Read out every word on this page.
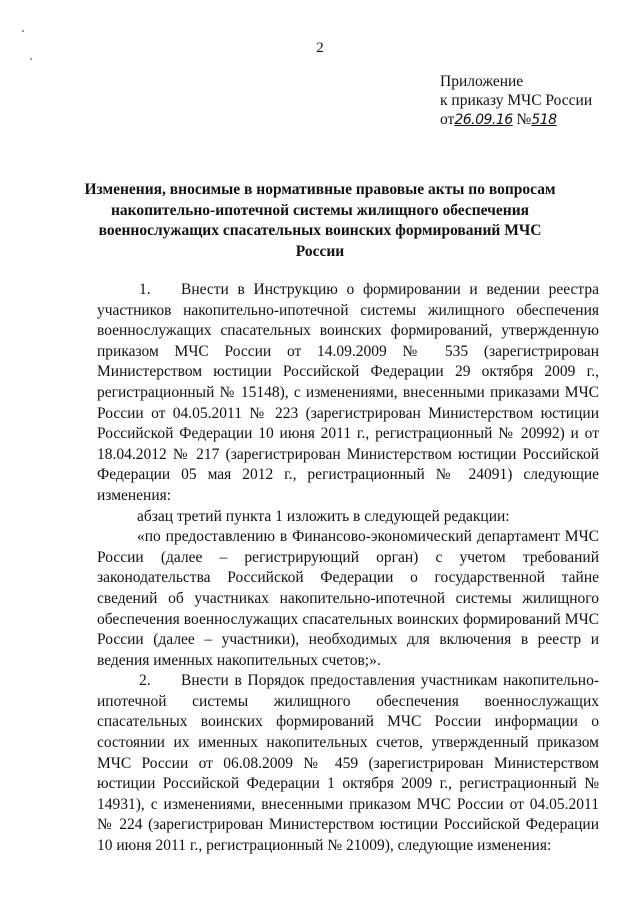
2
Приложение
к приказу МЧС России
от26.09.16 №518
Изменения, вносимые в нормативные правовые акты по вопросам
накопительно-ипотечной системы жилищного обеспечения
военнослужащих спасательных воинских формирований МЧС России

1. Внести в Инструкцию о формировании и ведении реестра участников накопительно-ипотечной системы жилищного обеспечения военнослужащих спасательных воинских формирований, утвержденную приказом МЧС России от 14.09.2009 № 535 (зарегистрирован Министерством юстиции Российской Федерации 29 октября 2009 г., регистрационный № 15148), с изменениями, внесенными приказами МЧС России от 04.05.2011 № 223 (зарегистрирован Министерством юстиции Российской Федерации 10 июня 2011 г., регистрационный № 20992) и от 18.04.2012 № 217 (зарегистрирован Министерством юстиции Российской Федерации 05 мая 2012 г., регистрационный № 24091) следующие изменения:

абзац третий пункта 1 изложить в следующей редакции:

«по предоставлению в Финансово-экономический департамент МЧС России (далее – регистрирующий орган) с учетом требований законодательства Российской Федерации о государственной тайне сведений об участниках накопительно-ипотечной системы жилищного обеспечения военнослужащих спасательных воинских формирований МЧС России (далее – участники), необходимых для включения в реестр и ведения именных накопительных счетов;».

2. Внести в Порядок предоставления участникам накопительно-ипотечной системы жилищного обеспечения военнослужащих спасательных воинских формирований МЧС России информации о состоянии их именных накопительных счетов, утвержденный приказом МЧС России от 06.08.2009 № 459 (зарегистрирован Министерством юстиции Российской Федерации 1 октября 2009 г., регистрационный № 14931), с изменениями, внесенными приказом МЧС России от 04.05.2011 № 224 (зарегистрирован Министерством юстиции Российской Федерации 10 июня 2011 г., регистрационный № 21009), следующие изменения:
